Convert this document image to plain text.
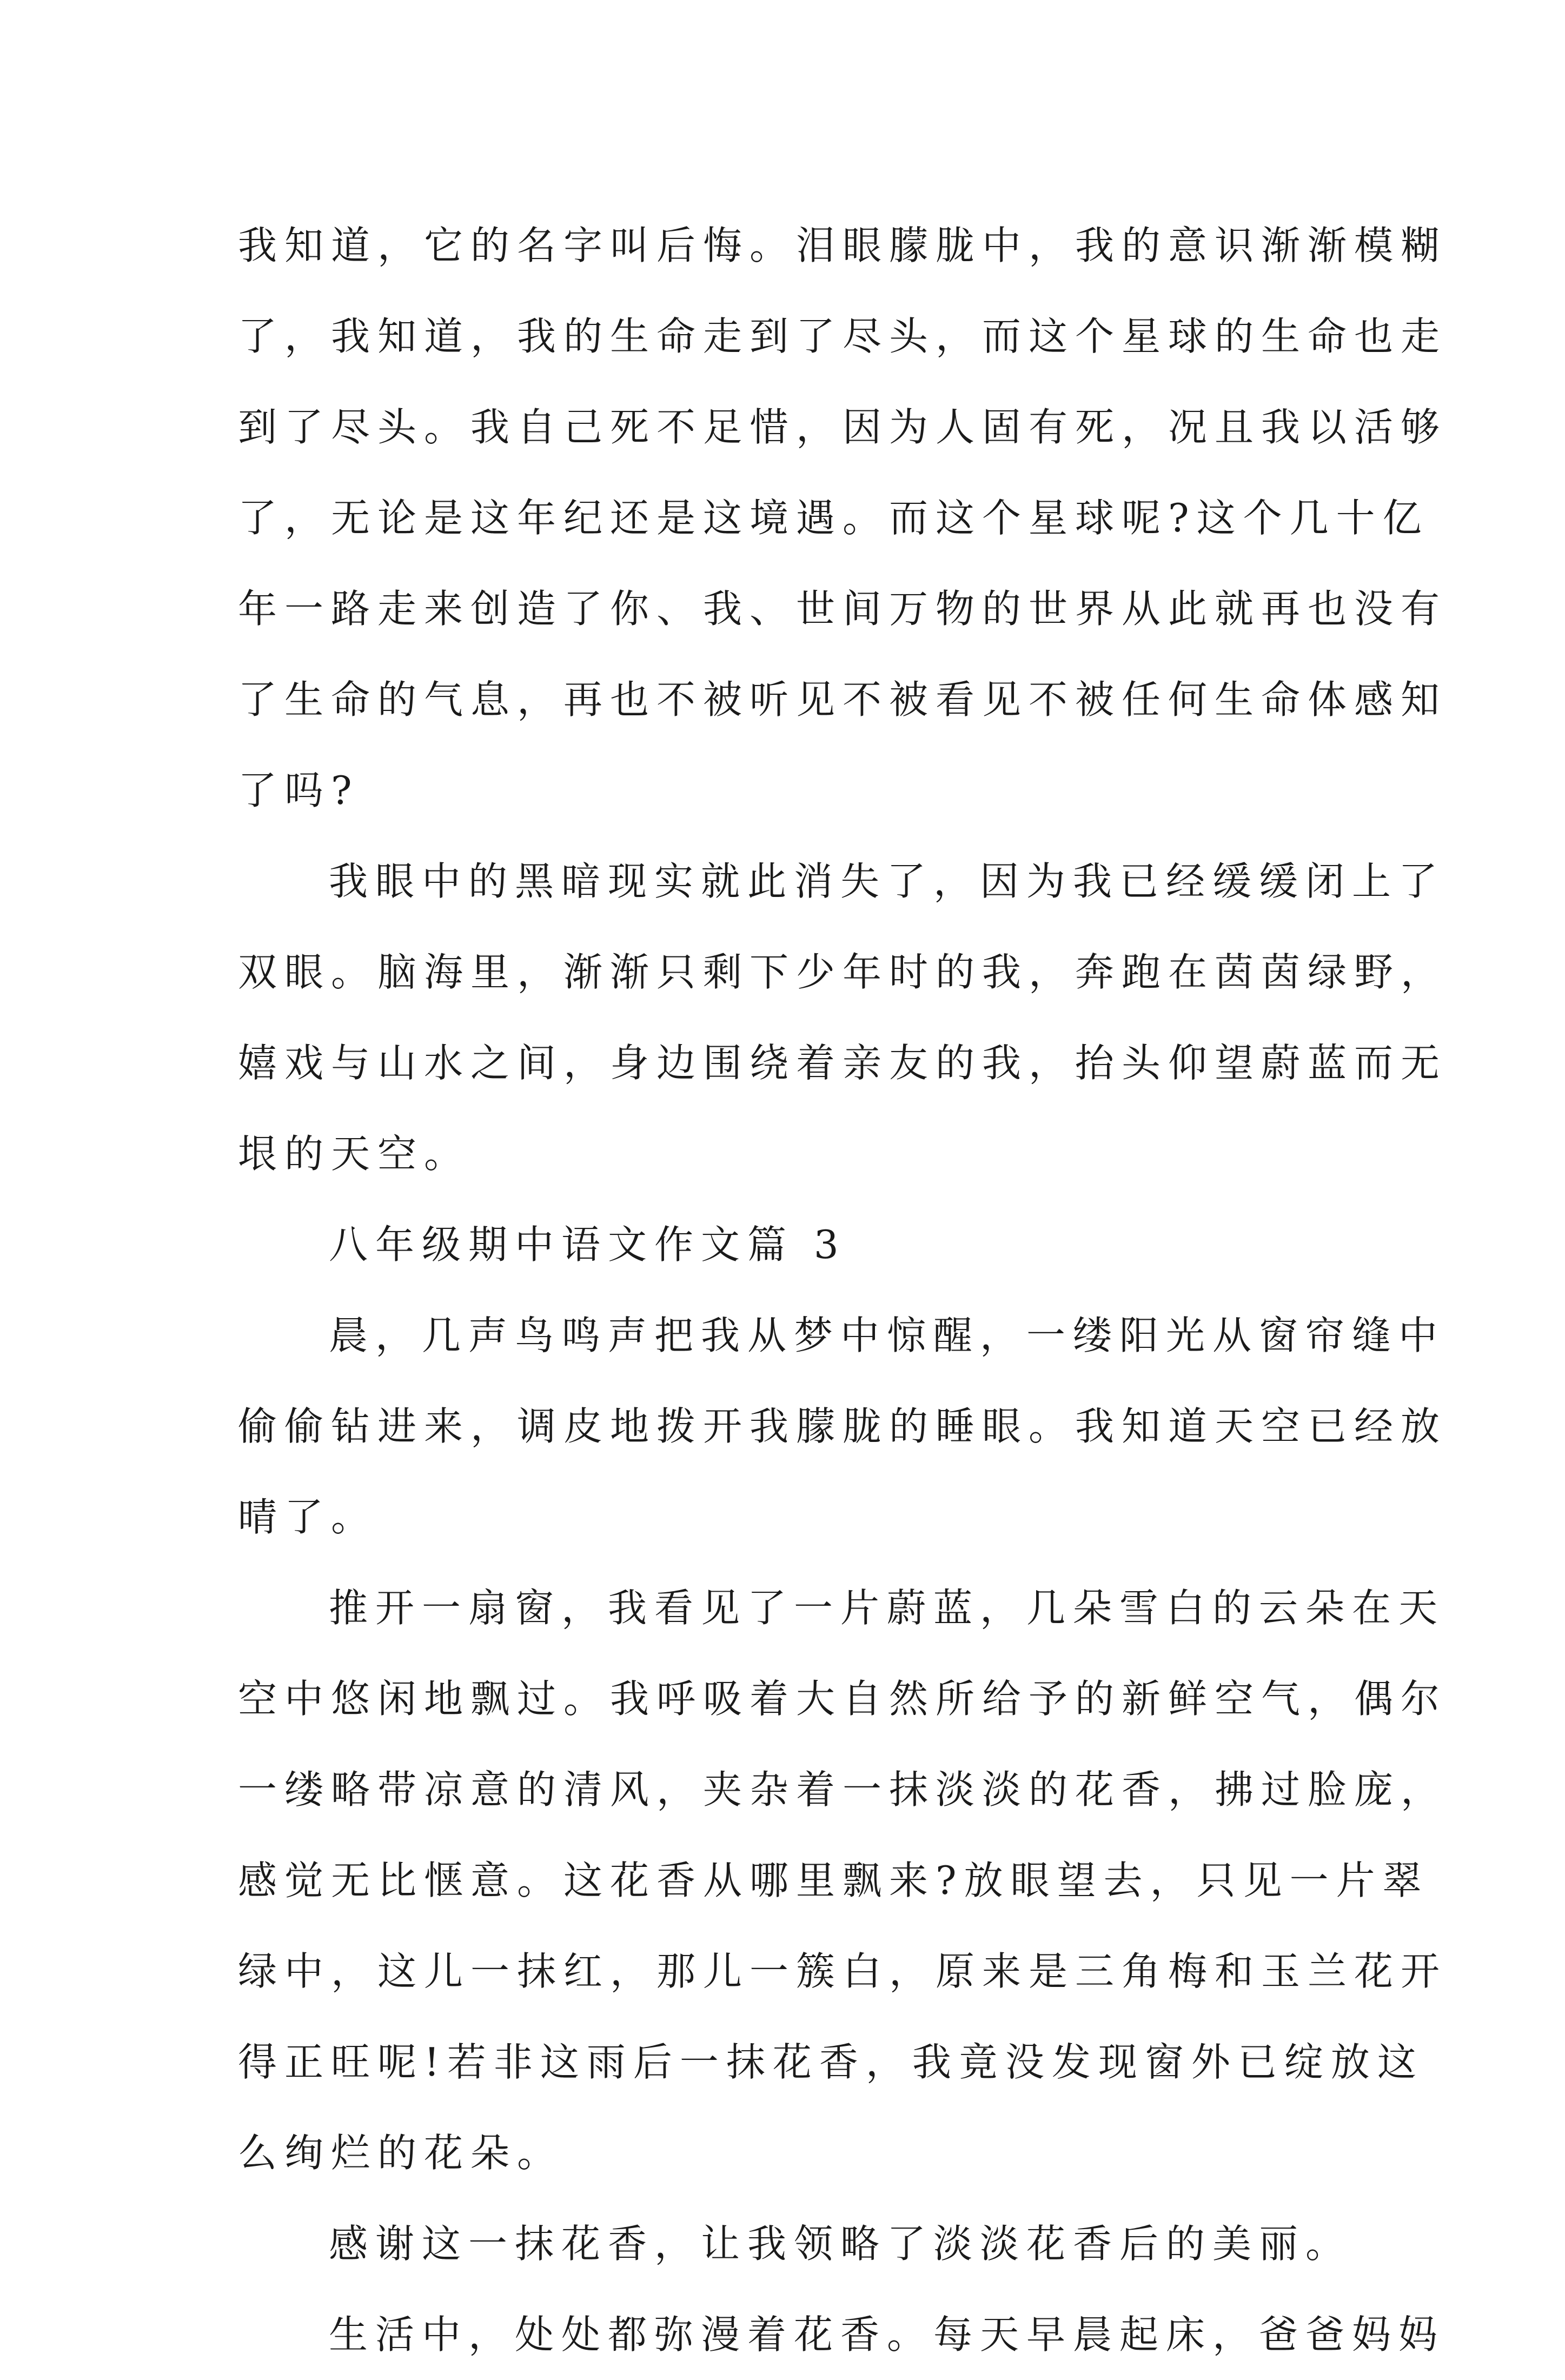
我知道，它的名字叫后悔。泪眼朦胧中，我的意识渐渐模糊
了，我知道，我的生命走到了尽头，而这个星球的生命也走
到了尽头。我自己死不足惜，因为人固有死，况且我以活够
了，无论是这年纪还是这境遇。而这个星球呢?这个几十亿
年一路走来创造了你、我、世间万物的世界从此就再也没有
了生命的气息，再也不被听见不被看见不被任何生命体感知
了吗?
我眼中的黑暗现实就此消失了，因为我已经缓缓闭上了
双眼。脑海里，渐渐只剩下少年时的我，奔跑在茵茵绿野，
嬉戏与山水之间，身边围绕着亲友的我，抬头仰望蔚蓝而无
垠的天空。
八年级期中语文作文篇 3
晨，几声鸟鸣声把我从梦中惊醒，一缕阳光从窗帘缝中
偷偷钻进来，调皮地拨开我朦胧的睡眼。我知道天空已经放
晴了。
推开一扇窗，我看见了一片蔚蓝，几朵雪白的云朵在天
空中悠闲地飘过。我呼吸着大自然所给予的新鲜空气，偶尔
一缕略带凉意的清风，夹杂着一抹淡淡的花香，拂过脸庞，
感觉无比惬意。这花香从哪里飘来?放眼望去，只见一片翠
绿中，这儿一抹红，那儿一簇白，原来是三角梅和玉兰花开
得正旺呢!若非这雨后一抹花香，我竟没发现窗外已绽放这
么绚烂的花朵。
感谢这一抹花香，让我领略了淡淡花香后的美丽。
生活中，处处都弥漫着花香。每天早晨起床，爸爸妈妈
